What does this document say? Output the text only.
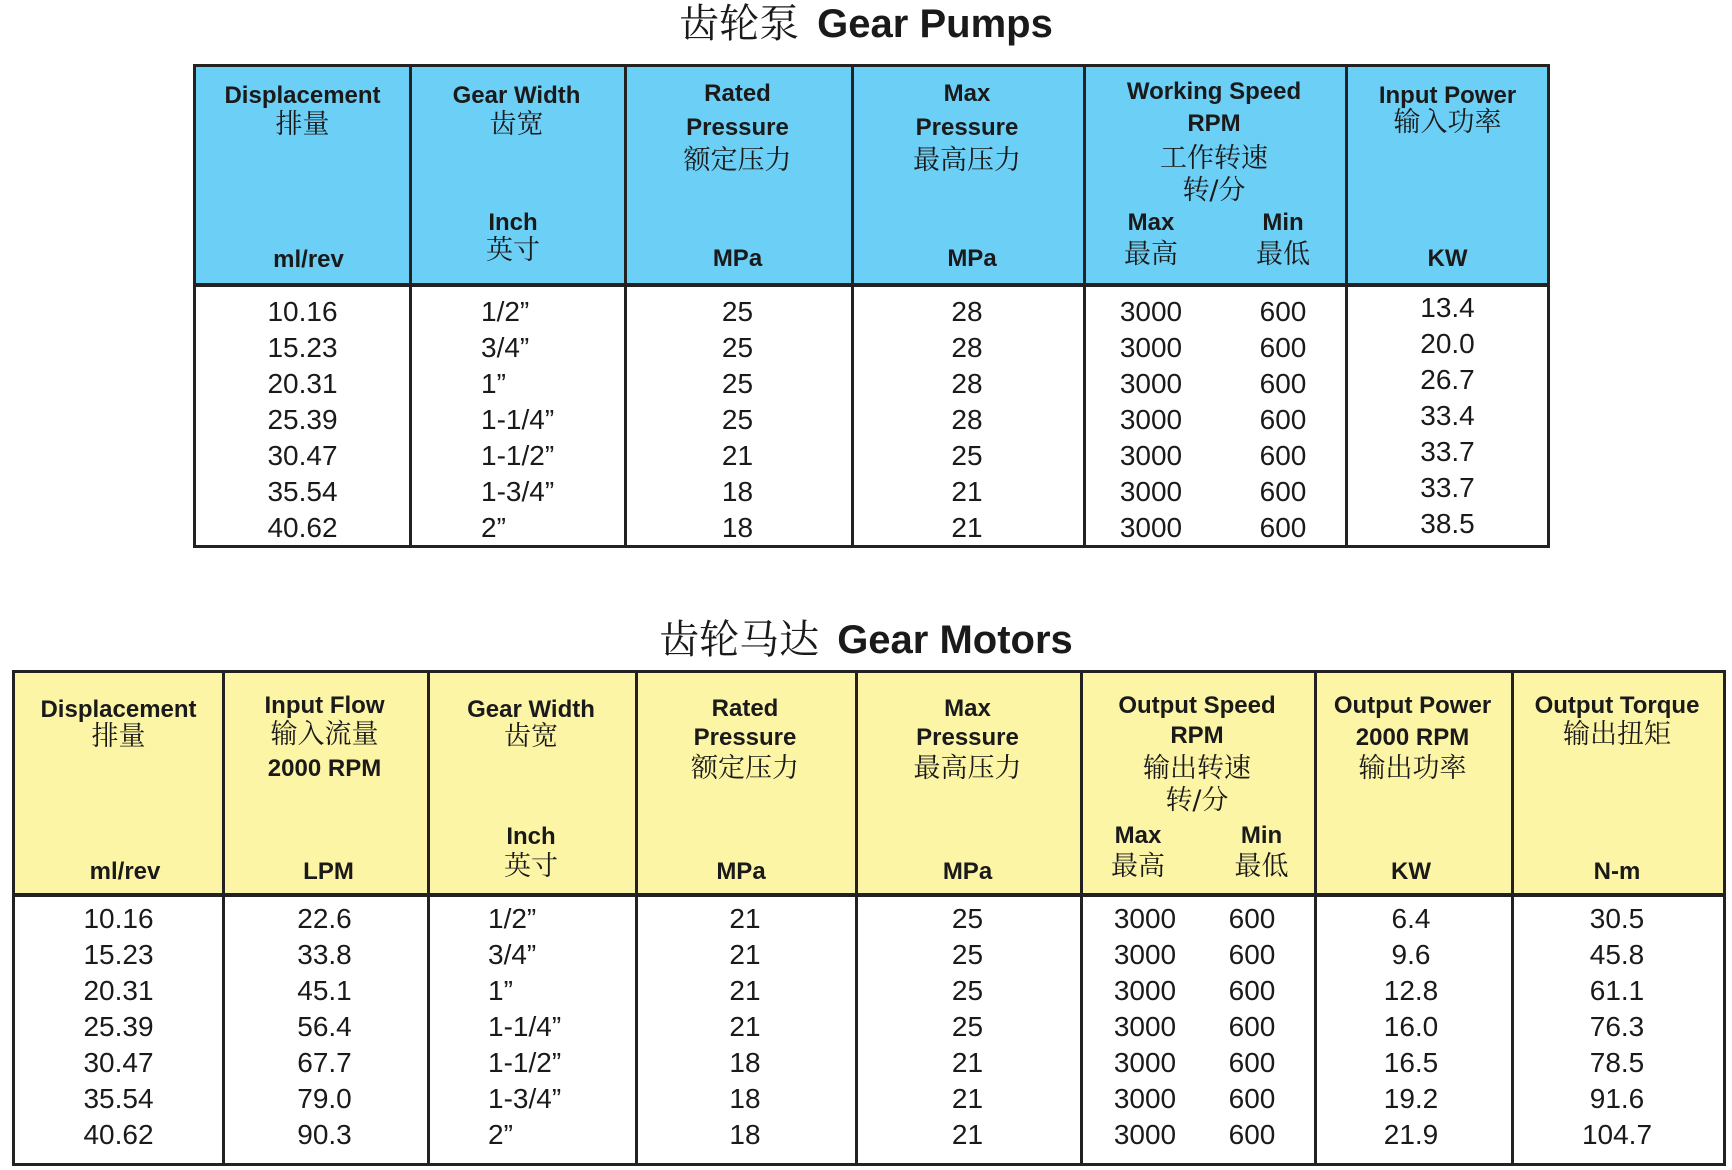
齿轮泵 Gear Pumps
Displacement
排量
ml/rev
Gear Width
齿宽
Inch
英寸
Rated
Pressure
额定压力
MPa
Max
Pressure
最高压力
MPa
Working Speed
RPM
工作转速
转/分
Max
最高
Min
最低
Input Power
输入功率
KW
10.16
15.23
20.31
25.39
30.47
35.54
40.62
1/2”
3/4”
1”
1-1/4”
1-1/2”
1-3/4”
2”
25
25
25
25
21
18
18
28
28
28
28
25
21
21
3000
3000
3000
3000
3000
3000
3000
600
600
600
600
600
600
600
13.4
20.0
26.7
33.4
33.7
33.7
38.5
齿轮马达 Gear Motors
Displacement
排量
ml/rev
Input Flow
输入流量
2000 RPM
LPM
Gear Width
齿宽
Inch
英寸
Rated
Pressure
额定压力
MPa
Max
Pressure
最高压力
MPa
Output Speed
RPM
输出转速
转/分
Max
最高
Min
最低
Output Power
2000 RPM
输出功率
KW
Output Torque
输出扭矩
N-m
10.16
15.23
20.31
25.39
30.47
35.54
40.62
22.6
33.8
45.1
56.4
67.7
79.0
90.3
1/2”
3/4”
1”
1-1/4”
1-1/2”
1-3/4”
2”
21
21
21
21
18
18
18
25
25
25
25
21
21
21
3000
3000
3000
3000
3000
3000
3000
600
600
600
600
600
600
600
6.4
9.6
12.8
16.0
16.5
19.2
21.9
30.5
45.8
61.1
76.3
78.5
91.6
104.7
